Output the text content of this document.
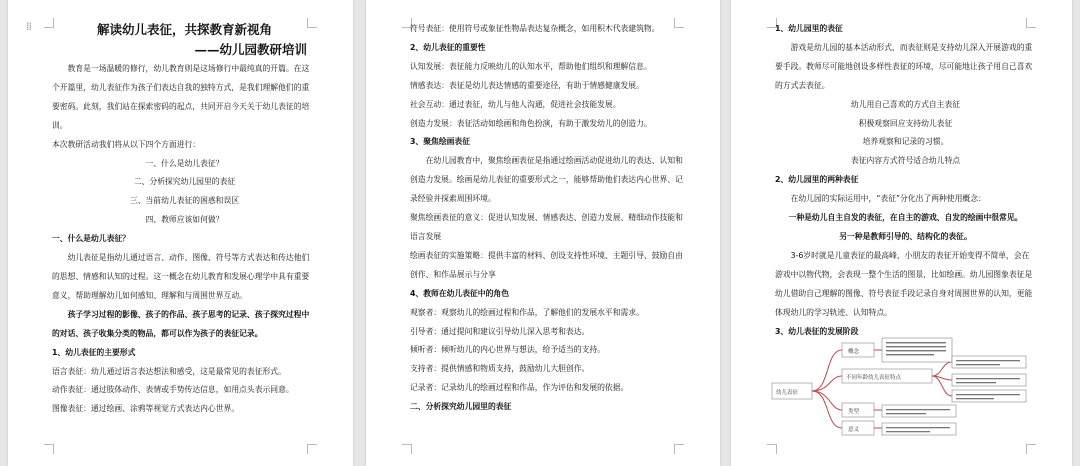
⁞⁞	解读幼儿表征，共探教育新视角

——幼儿园教研培训

教育是一场温暖的修行，幼儿教育则是这场修行中最纯真的开篇。在这个开篇里，幼儿表征作为孩子们表达自我的独特方式，是我们理解他们的重要密码。此刻，我们站在探索密码的起点，共同开启今天关于幼儿表征的培训。

本次教研活动我们将从以下四个方面进行：

一、什么是幼儿表征？

二、分析探究幼儿园里的表征

三、当前幼儿表征的困惑和误区

四、教师应该如何做？

一、什么是幼儿表征？

幼儿表征是指幼儿通过语言、动作、图像、符号等方式表达和传达他们的思想、情感和认知的过程。这一概念在幼儿教育和发展心理学中具有重要意义，帮助理解幼儿如何感知、理解和与周围世界互动。

孩子学习过程的影像、孩子的作品、孩子思考的记录、孩子探究过程中的对话、孩子收集分类的物品，都可以作为孩子的表征记录。

1、幼儿表征的主要形式

语言表征：幼儿通过语言表达想法和感受，这是最常见的表征形式。

动作表征：通过肢体动作、表情或手势传达信息，如用点头表示同意。

图像表征：通过绘画、涂鸦等视觉方式表达内心世界。

符号表征：使用符号或象征性物品表达复杂概念，如用积木代表建筑物。

2、幼儿表征的重要性

认知发展：表征能力反映幼儿的认知水平，帮助他们组织和理解信息。

情感表达：表征是幼儿表达情感的重要途径，有助于情感健康发展。

社会互动：通过表征，幼儿与他人沟通，促进社会技能发展。

创造力发展：表征活动如绘画和角色扮演，有助于激发幼儿的创造力。

3、聚焦绘画表征

在幼儿园教育中，聚焦绘画表征是指通过绘画活动促进幼儿的表达、认知和创造力发展。绘画是幼儿表征的重要形式之一，能够帮助他们表达内心世界、记录经验并探索周围环境。

聚焦绘画表征的意义：促进认知发展、情感表达、创造力发展、精细动作技能和语言发展

绘画表征的实施策略：提供丰富的材料、创设支持性环境、主题引导、鼓励自由创作、和作品展示与分享

4、教师在幼儿表征中的角色

观察者：观察幼儿的绘画过程和作品，了解他们的发展水平和需求。

引导者：通过提问和建议引导幼儿深入思考和表达。

倾听者：倾听幼儿的内心世界与想法，给予适当的支持。

支持者：提供情感和物质支持，鼓励幼儿大胆创作。

记录者：记录幼儿的绘画过程和作品，作为评估和发展的依据。

二、分析探究幼儿园里的表征

1、幼儿园里的表征

游戏是幼儿园的基本活动形式，而表征则是支持幼儿深入开展游戏的重要手段。教师尽可能地创设多样性表征的环境，尽可能地让孩子用自己喜欢的方式去表征。

幼儿用自己喜欢的方式自主表征

积极观察回应支持幼儿表征

培养观察和记录的习惯。

表征内容方式符号适合幼儿特点

2、幼儿园里的两种表征

在幼儿园的实际运用中，“表征”分化出了两种使用概念：

一种是幼儿自主自发的表征，在自主的游戏、自发的绘画中很常见。

另一种是教师引导的、结构化的表征。

3-6岁时就是儿童表征的最高峰，小朋友的表征开始变得不简单，会在游戏中以物代物，会表现一整个生活的图景，比如绘画。幼儿园图象表征是幼儿借助自己理解的图像、符号表征手段记录自身对周围世界的认知，更能体现幼儿的学习轨迹、认知特点。

3、幼儿表征的发展阶段

幼儿表征
概念
不同年龄幼儿表征特点
类型
意义
